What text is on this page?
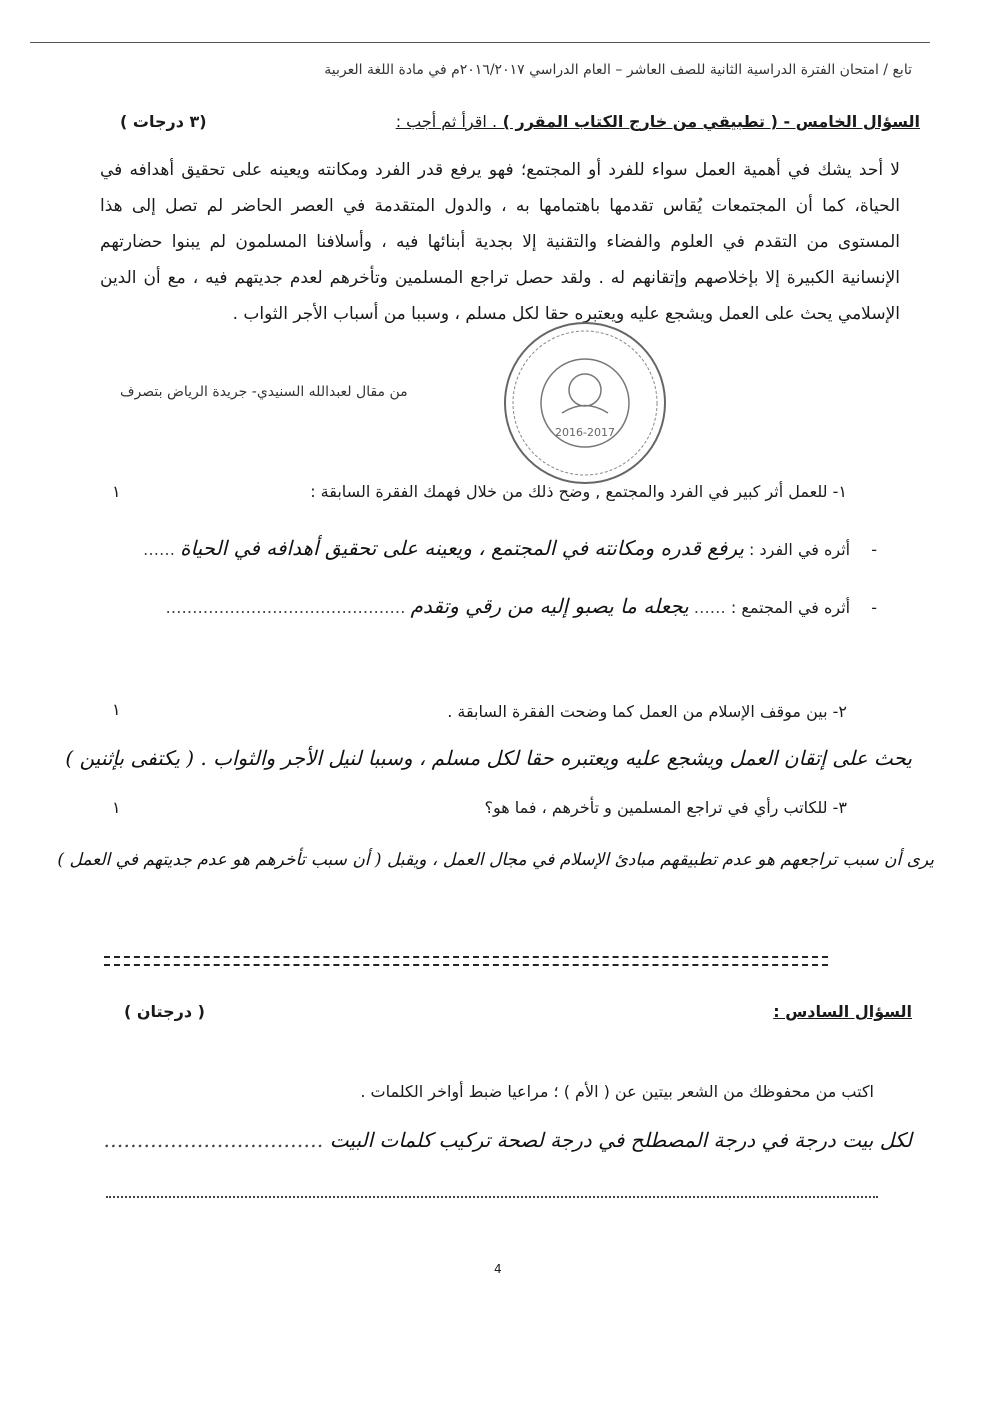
تابع / امتحان الفترة الدراسية الثانية للصف العاشر – العام الدراسي ٢٠١٦/٢٠١٧م في مادة اللغة العربية
السؤال الخامس - ( تطبيقي من خارج الكتاب المقرر ) . اقرأ ثم أجب :
(٣ درجات )
لا أحد يشك في أهمية العمل سواء للفرد أو المجتمع؛ فهو يرفع قدر الفرد ومكانته ويعينه على تحقيق أهدافه في الحياة، كما أن المجتمعات يُقاس تقدمها باهتمامها به ، والدول المتقدمة في العصر الحاضر لم تصل إلى هذا المستوى من التقدم في العلوم والفضاء والتقنية إلا بجدية أبنائها فيه ، وأسلافنا المسلمون لم يبنوا حضارتهم الإنسانية الكبيرة إلا بإخلاصهم وإتقانهم له . ولقد حصل تراجع المسلمين وتأخرهم لعدم جديتهم فيه ، مع أن الدين الإسلامي يحث على العمل ويشجع عليه ويعتبره حقا لكل مسلم ، وسببا من أسباب الأجر الثواب .
2016-2017
من مقال لعبدالله السنيدي- جريدة الرياض بتصرف
١- للعمل أثر كبير في الفرد والمجتمع , وضح ذلك من خلال فهمك الفقرة السابقة :
١
- أثره في الفرد : يرفع قدره ومكانته في المجتمع ، ويعينه على تحقيق أهدافه في الحياة ……
- أثره في المجتمع : …… يجعله ما يصبو إليه من رقي وتقدم ………………………………………
٢- بين موقف الإسلام من العمل كما وضحت الفقرة السابقة .
١
يحث على إتقان العمل ويشجع عليه ويعتبره حقا لكل مسلم ، وسببا لنيل الأجر والثواب . ( يكتفى بإثنين )
٣- للكاتب رأي في تراجع المسلمين و تأخرهم ، فما هو؟
١
يرى أن سبب تراجعهم هو عدم تطبيقهم مبادئ الإسلام في مجال العمل ، ويقبل ( أن سبب تأخرهم هو عدم جديتهم في العمل )
السؤال السادس :
( درجتان )
اكتب من محفوظك من الشعر بيتين عن ( الأم ) ؛ مراعيا ضبط أواخر الكلمات .
لكل بيت درجة في درجة المصطلح في درجة لصحة تركيب كلمات البيت ……………………………
4
